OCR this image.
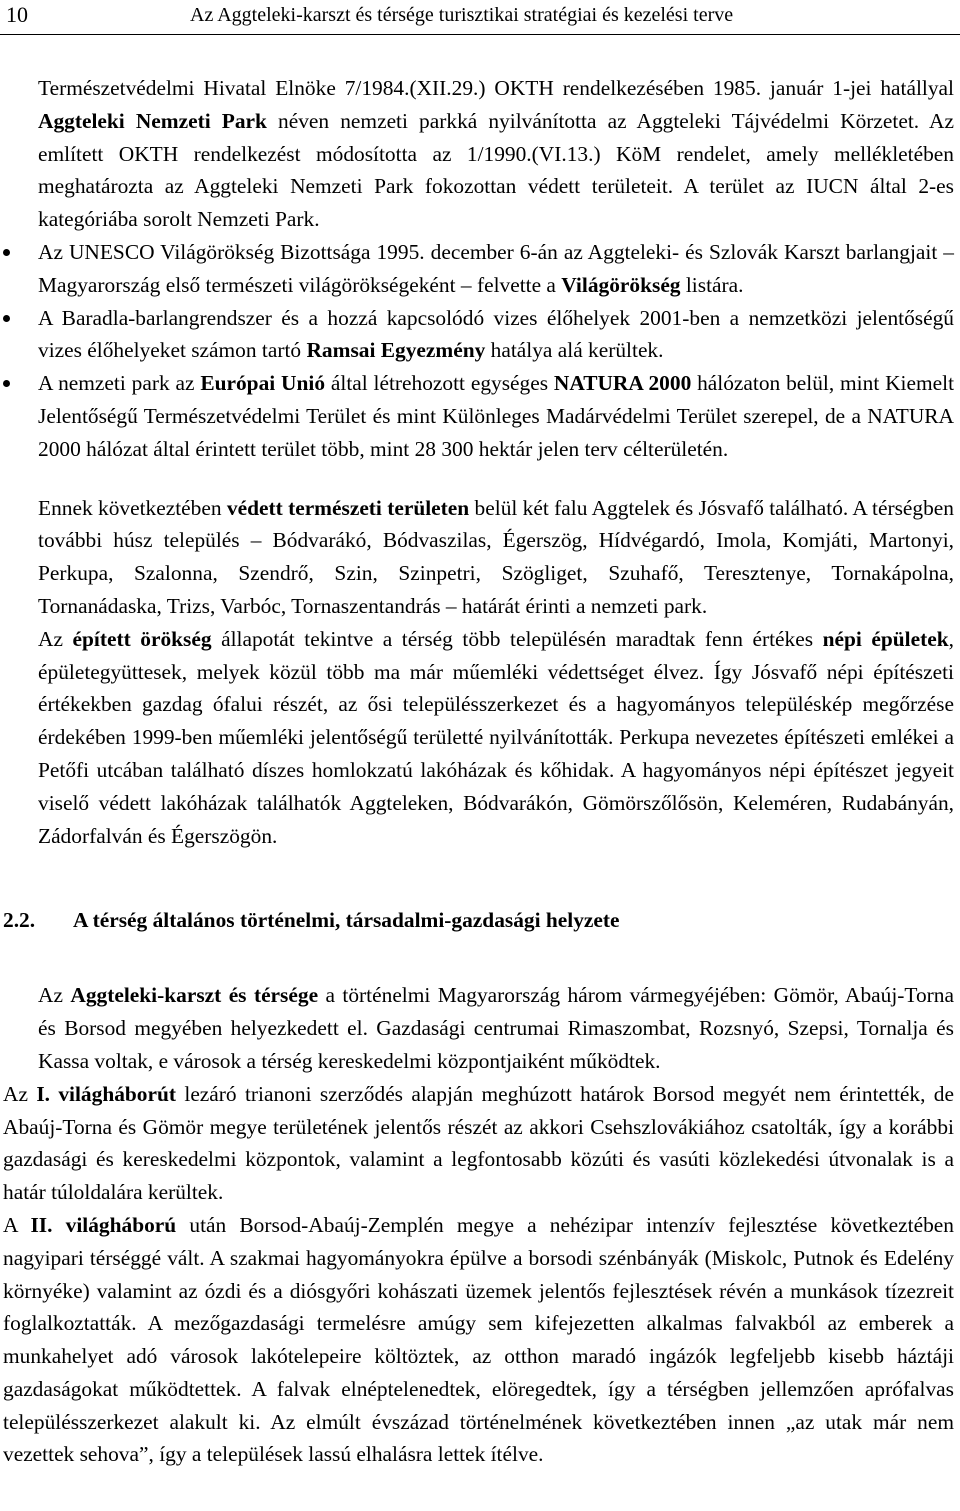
10	Az Aggteleki-karszt és térsége turisztikai stratégiai és kezelési terve
Természetvédelmi Hivatal Elnöke 7/1984.(XII.29.) OKTH rendelkezésében 1985. január 1-jei hatállyal Aggteleki Nemzeti Park néven nemzeti parkká nyilvánította az Aggteleki Tájvédelmi Körzetet. Az említett OKTH rendelkezést módosította az 1/1990.(VI.13.) KöM rendelet, amely mellékletében meghatározta az Aggteleki Nemzeti Park fokozottan védett területeit. A terület az IUCN által 2-es kategóriába sorolt Nemzeti Park.
Az UNESCO Világörökség Bizottsága 1995. december 6-án az Aggteleki- és Szlovák Karszt barlangjait – Magyarország első természeti világörökségeként – felvette a Világörökség listára.
A Baradla-barlangrendszer és a hozzá kapcsolódó vizes élőhelyek 2001-ben a nemzetközi jelentőségű vizes élőhelyeket számon tartó Ramsai Egyezmény hatálya alá kerültek.
A nemzeti park az Európai Unió által létrehozott egységes NATURA 2000 hálózaton belül, mint Kiemelt Jelentőségű Természetvédelmi Terület és mint Különleges Madárvédelmi Terület szerepel, de a NATURA 2000 hálózat által érintett terület több, mint 28 300 hektár jelen terv célterületén.

Ennek következtében védett természeti területen belül két falu Aggtelek és Jósvafő található. A térségben további húsz település – Bódvarákó, Bódvaszilas, Égerszög, Hídvégardó, Imola, Komjáti, Martonyi, Perkupa, Szalonna, Szendrő, Szin, Szinpetri, Szögliget, Szuhafő, Teresztenye, Tornakápolna, Tornanádaska, Trizs, Varbóc, Tornaszentandrás – határát érinti a nemzeti park.

Az épített örökség állapotát tekintve a térség több településén maradtak fenn értékes népi épületek, épületegyüttesek, melyek közül több ma már műemléki védettséget élvez. Így Jósvafő népi építészeti értékekben gazdag ófalui részét, az ősi településszerkezet és a hagyományos településkép megőrzése érdekében 1999-ben műemléki jelentőségű területté nyilvánították. Perkupa nevezetes építészeti emlékei a Petőfi utcában található díszes homlokzatú lakóházak és kőhidak. A hagyományos népi építészet jegyeit viselő védett lakóházak találhatók Aggteleken, Bódvarákón, Gömörszőlősön, Keleméren, Rudabányán, Zádorfalván és Égerszögön.

2.2. A térség általános történelmi, társadalmi-gazdasági helyzete

Az Aggteleki-karszt és térsége a történelmi Magyarország három vármegyéjében: Gömör, Abaúj-Torna és Borsod megyében helyezkedett el. Gazdasági centrumai Rimaszombat, Rozsnyó, Szepsi, Tornalja és Kassa voltak, e városok a térség kereskedelmi központjaiként működtek.

Az I. világháborút lezáró trianoni szerződés alapján meghúzott határok Borsod megyét nem érintették, de Abaúj-Torna és Gömör megye területének jelentős részét az akkori Csehszlovákiához csatolták, így a korábbi gazdasági és kereskedelmi központok, valamint a legfontosabb közúti és vasúti közlekedési útvonalak is a határ túloldalára kerültek.

A II. világháború után Borsod-Abaúj-Zemplén megye a nehézipar intenzív fejlesztése következtében nagyipari térséggé vált. A szakmai hagyományokra épülve a borsodi szénbányák (Miskolc, Putnok és Edelény környéke) valamint az ózdi és a diósgyőri kohászati üzemek jelentős fejlesztések révén a munkások tízezreit foglalkoztatták. A mezőgazdasági termelésre amúgy sem kifejezetten alkalmas falvakból az emberek a munkahelyet adó városok lakótelepeire költöztek, az otthon maradó ingázók legfeljebb kisebb háztáji gazdaságokat működtettek. A falvak elnéptelenedtek, elöregedtek, így a térségben jellemzően aprófalvas településszerkezet alakult ki. Az elmúlt évszázad történelmének következtében innen „az utak már nem vezettek sehova”, így a települések lassú elhalásra lettek ítélve.
